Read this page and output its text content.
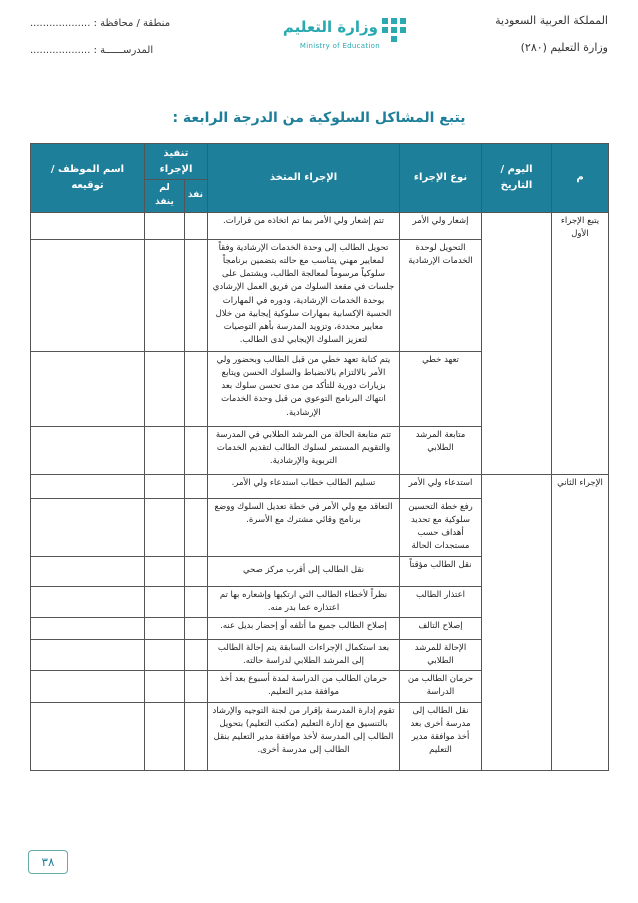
المملكة العربية السعودية
وزارة التعليم (٢٨٠)
وزارة التعليم
Ministry of Education
منطقة / محافظة : ...................
المدرســــــة : ...................
يتبع المشاكل السلوكية من الدرجة الرابعة :
م	اليوم / التاريخ	نوع الإجراء	الإجراء المتخذ	تنفيذ الإجراء		اسم الموظف / توقيعه
				نفذ	لم ينفذ	
يتبع الإجراء الأول		إشعار ولي الأمر	تتم إشعار ولي الأمر بما تم اتخاذه من قرارات.			
		التحويل لوحدة الخدمات الإرشادية	تحويل الطالب إلى وحدة الخدمات الإرشادية وفقاً لمعايير مهني يتناسب مع حالته بتضمين برنامجاً سلوكياً مرسوماً لمعالجة الطالب، ويشتمل على جلسات في مقعد السلوك من فريق العمل الإرشادي بوحدة الخدمات الإرشادية، ودوره في المهارات الحسية الإكسابية بمهارات سلوكية إيجابية من خلال معايير محددة، وتزويد المدرسة بأهم التوصيات لتعزيز السلوك الإيجابي لدى الطالب.			
		تعهد خطي	يتم كتابة تعهد خطي من قبل الطالب وبحضور ولي الأمر بالالتزام بالانضباط والسلوك الحسن ويتابع بزيارات دورية للتأكد من مدى تحسن سلوك بعد انتهاك البرنامج التوعوي من قبل وحدة الخدمات الإرشادية.			
		متابعة المرشد الطلابي	تتم متابعة الحالة من المرشد الطلابي في المدرسة والتقويم المستمر لسلوك الطالب لتقديم الخدمات التربوية والإرشادية.			
الإجراء الثاني		استدعاء ولي الأمر	تسليم الطالب خطاب استدعاء ولي الأمر.			
		رفع خطة التحسين سلوكية مع تحديد أهداف حسب مستجدات الحالة	التعاقد مع ولي الأمر في خطة تعديل السلوك ووضع برنامج وقائي مشترك مع الأسرة.			
		نقل الطالب مؤقتاً	نقل الطالب إلى أقرب مركز صحي			
		اعتذار الطالب	نظراً لأخطاء الطالب التي ارتكبها وإشعاره بها تم اعتذاره عما بدر منه.			
		إصلاح التالف	إصلاح الطالب جميع ما أتلفه أو إحضار بديل عنه.			
		الإحالة للمرشد الطلابي	بعد استكمال الإجراءات السابقة يتم إحالة الطالب إلى المرشد الطلابي لدراسة حالته.			
		حرمان الطالب من الدراسة	حرمان الطالب من الدراسة لمدة أسبوع بعد أخذ موافقة مدير التعليم.			
		نقل الطالب إلى مدرسة أخرى بعد أخذ موافقة مدير التعليم	تقوم إدارة المدرسة بإقرار من لجنة التوجيه والإرشاد بالتنسيق مع إدارة التعليم (مكتب التعليم) بتحويل الطالب إلى المدرسة لأخذ موافقة مدير التعليم بنقل الطالب إلى مدرسة أخرى.			
٣٨
